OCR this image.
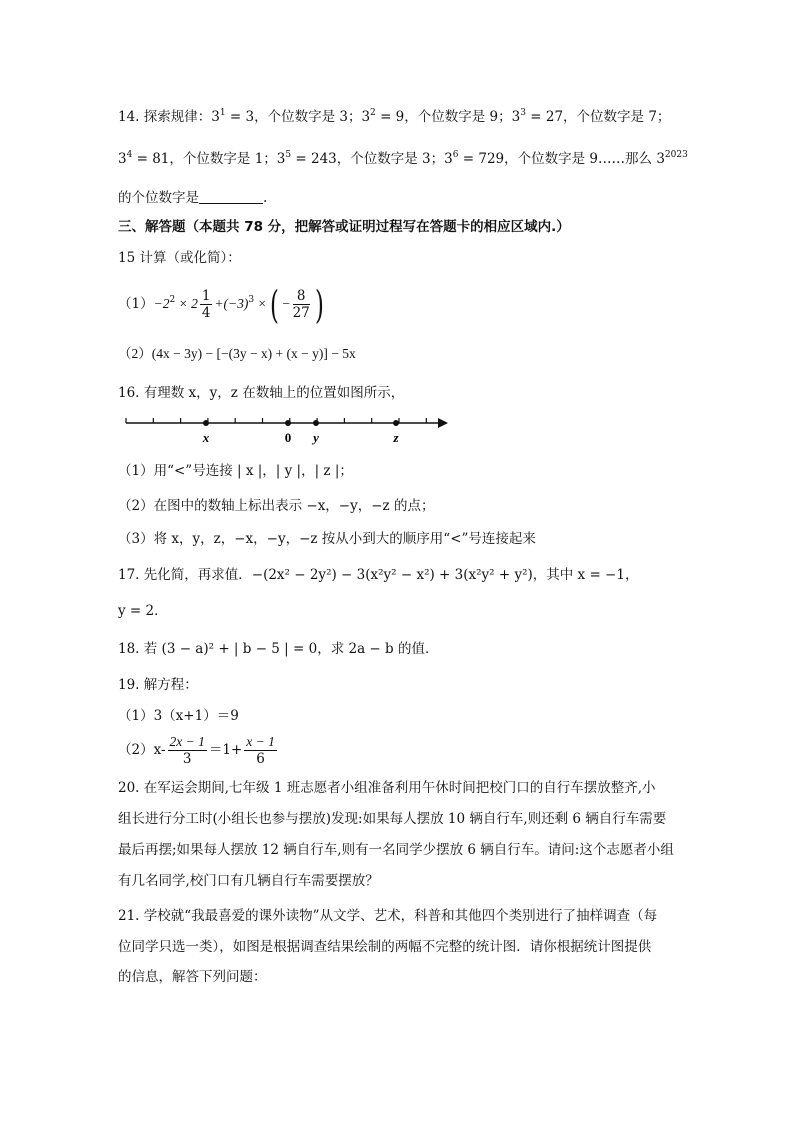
14. 探索规律：$3^1 = 3$，个位数字是 3；$3^2 = 9$，个位数字是 9；$3^3 = 27$，个位数字是 7；
$3^4 = 81$，个位数字是 1；$3^5 = 243$，个位数字是 3；$3^6 = 729$，个位数字是 9……那么 $3^{2023}$
的个位数字是	.
三、解答题（本题共 78 分，把解答或证明过程写在答题卡的相应区域内.）
15 计算（或化简）：
$(1)-2^2 \times 2 \frac{1}{4} +(-3)^3$ ×( − $\frac{8}{27}$ )
（2）(4x − 3y) − [−(3y − x) + (x − y)] − 5x
16. 有理数 x，y，z 在数轴上的位置如图所示，
x	0 y	z
（1）用“<”号连接 | x |，| y |，| z |；
（2）在图中的数轴上标出表示 −x，−y，−z 的点；
（3）将 x，y，z，−x，−y，−z 按从小到大的顺序用“<”号连接起来
17. 先化简，再求值．−(2x² − 2y²) − 3(x²y² − x²) + 3(x²y² + y²)，其中 x = −1，
y = 2．
18. 若 (3 − a)² + | b − 5 | = 0，求 2a − b 的值．
19. 解方程：
（1）3（x+1）＝9
$(2)x- \frac{2x - 1}{3} =1+ \frac{x - 1}{6}$
20. 在军运会期间,七年级 1 班志愿者小组准备利用午休时间把校门口的自行车摆放整齐,小
组长进行分工时(小组长也参与摆放)发现:如果每人摆放 10 辆自行车,则还剩 6 辆自行车需要
最后再摆;如果每人摆放 12 辆自行车,则有一名同学少摆放 6 辆自行车。请问:这个志愿者小组
有几名同学,校门口有几辆自行车需要摆放？
21. 学校就“我最喜爱的课外读物”从文学、艺术，科普和其他四个类别进行了抽样调查（每
位同学只选一类），如图是根据调查结果绘制的两幅不完整的统计图．请你根据统计图提供
的信息，解答下列问题：
